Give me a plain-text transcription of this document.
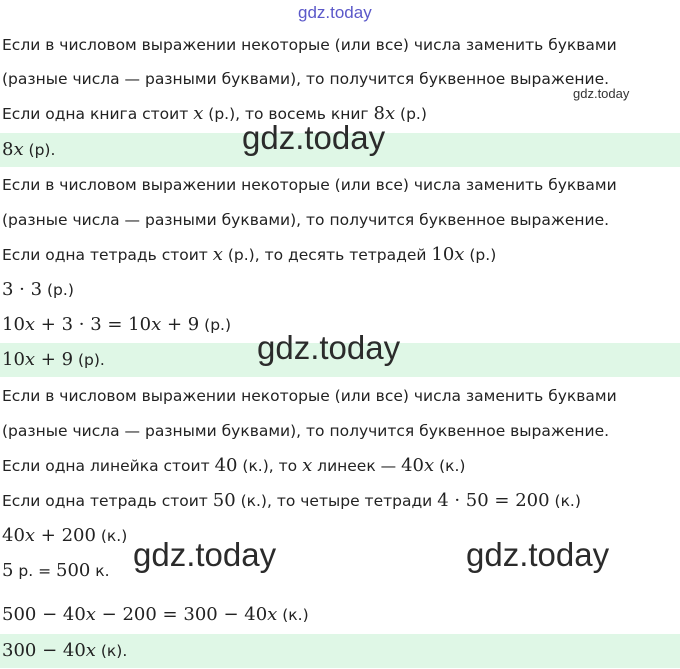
gdz.today
Если в числовом выражении некоторые (или все) числа заменить буквами
(разные числа — разными буквами), то получится буквенное выражение.
Если одна книга стоит x (р.), то восемь книг 8x (р.)
8x (р).
Если в числовом выражении некоторые (или все) числа заменить буквами
(разные числа — разными буквами), то получится буквенное выражение.
Если одна тетрадь стоит x (р.), то десять тетрадей 10x (р.)
3 · 3 (р.)
10x + 3 · 3 = 10x + 9 (р.)
10x + 9 (р).
Если в числовом выражении некоторые (или все) числа заменить буквами
(разные числа — разными буквами), то получится буквенное выражение.
Если одна линейка стоит 40 (к.), то x линеек — 40x (к.)
Если одна тетрадь стоит 50 (к.), то четыре тетради 4 · 50 = 200 (к.)
40x + 200 (к.)
5 р. = 500 к.
500 − 40x − 200 = 300 − 40x (к.)
300 − 40x (к).
gdz.today
gdz.today
gdz.today
gdz.today	gdz.today
